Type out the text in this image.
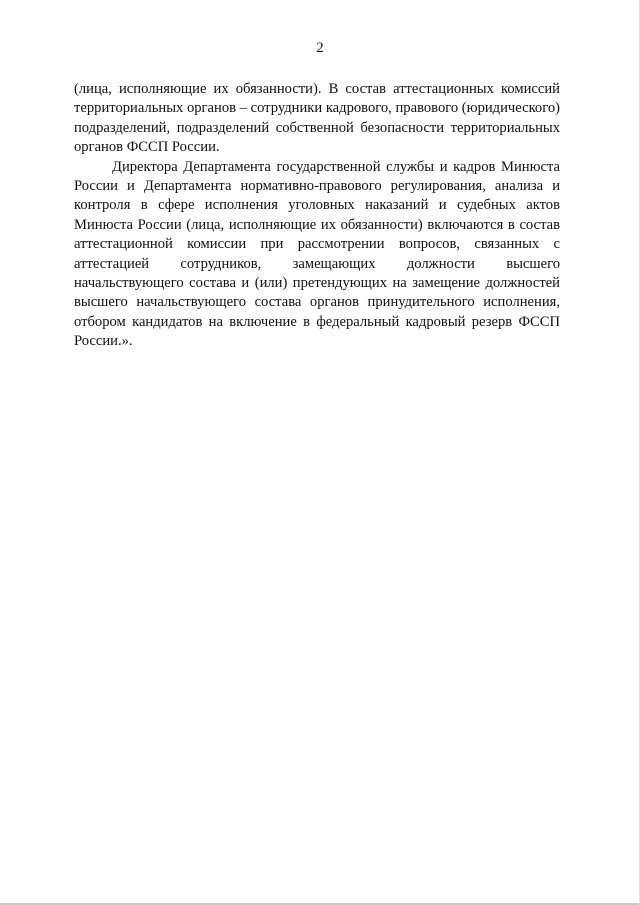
2

(лица, исполняющие их обязанности). В состав аттестационных комиссий территориальных органов – сотрудники кадрового, правового (юридического) подразделений, подразделений собственной безопасности территориальных органов ФССП России.

Директора Департамента государственной службы и кадров Минюста России и Департамента нормативно-правового регулирования, анализа и контроля в сфере исполнения уголовных наказаний и судебных актов Минюста России (лица, исполняющие их обязанности) включаются в состав аттестационной комиссии при рассмотрении вопросов, связанных с аттестацией сотрудников, замещающих должности высшего начальствующего состава и (или) претендующих на замещение должностей высшего начальствующего состава органов принудительного исполнения, отбором кандидатов на включение в федеральный кадровый резерв ФССП России.».
